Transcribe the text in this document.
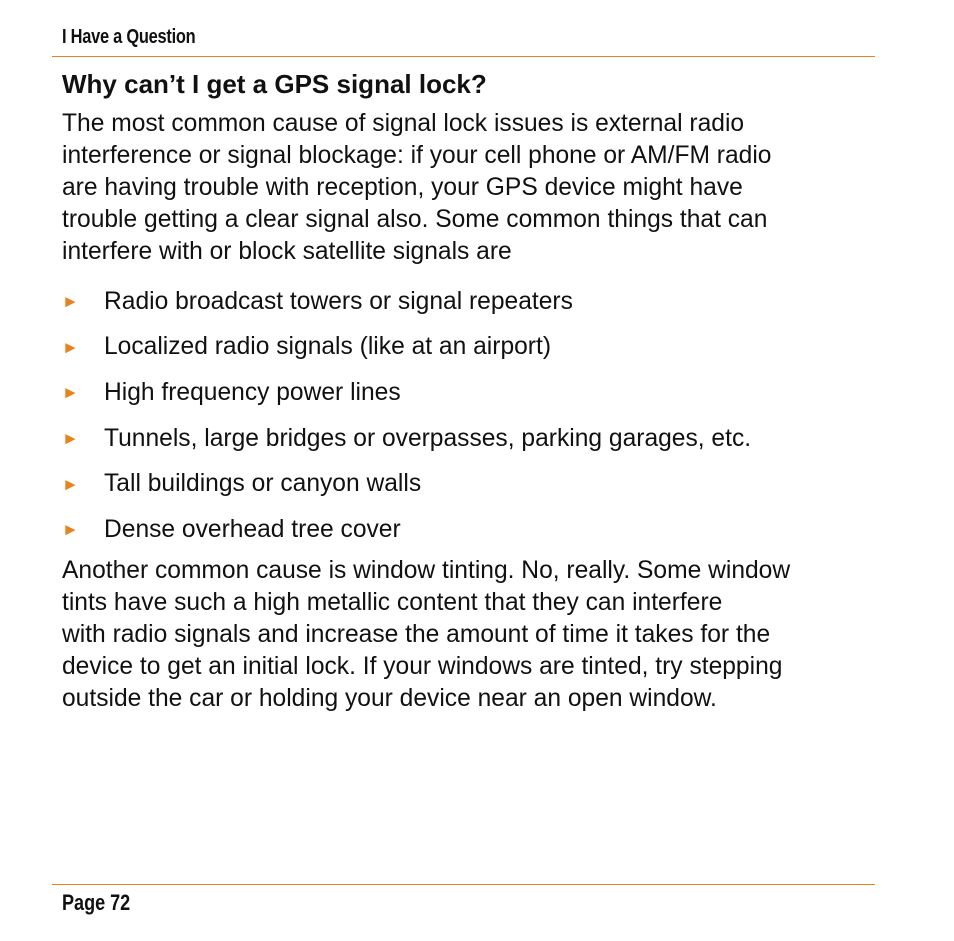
I Have a Question
Why can’t I get a GPS signal lock?

The most common cause of signal lock issues is external radio
interference or signal blockage: if your cell phone or AM/FM radio
are having trouble with reception, your GPS device might have
trouble getting a clear signal also. Some common things that can
interfere with or block satellite signals are

►	Radio broadcast towers or signal repeaters
►	Localized radio signals (like at an airport)
►	High frequency power lines
►	Tunnels, large bridges or overpasses, parking garages, etc.
►	Tall buildings or canyon walls
►	Dense overhead tree cover

Another common cause is window tinting. No, really. Some window
tints have such a high metallic content that they can interfere
with radio signals and increase the amount of time it takes for the
device to get an initial lock. If your windows are tinted, try stepping
outside the car or holding your device near an open window.

Page 72
